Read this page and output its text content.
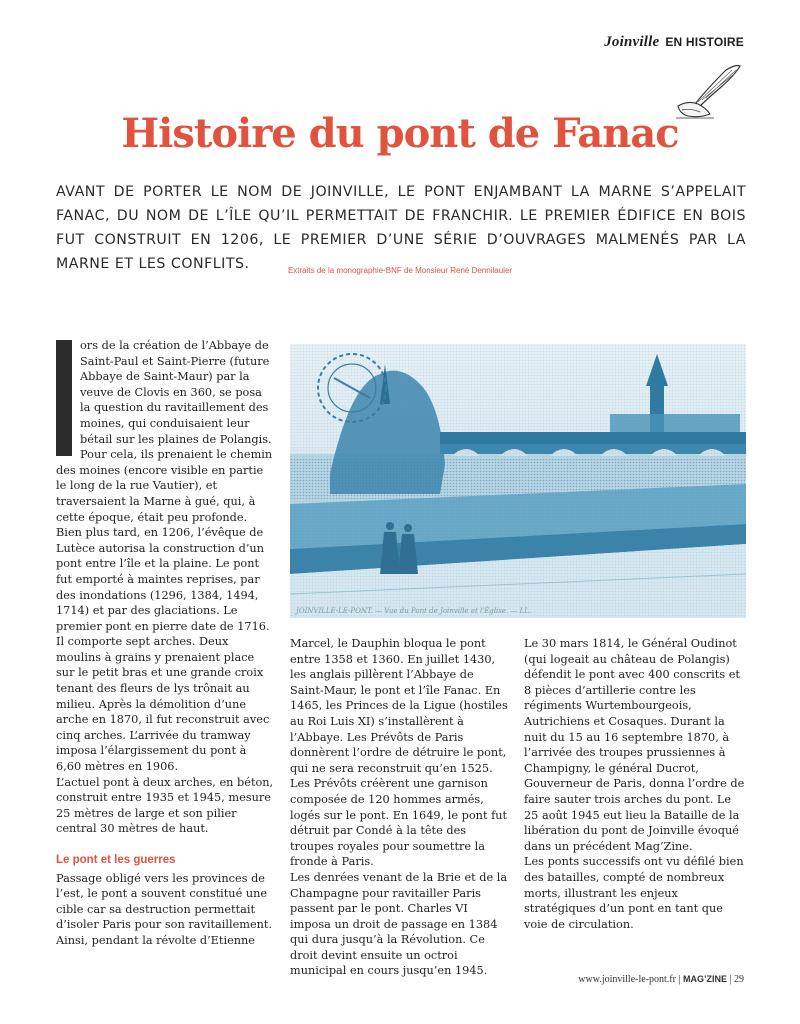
Joinville EN HISTOIRE
Histoire du pont de Fanac

AVANT DE PORTER LE NOM DE JOINVILLE, LE PONT ENJAMBANT LA MARNE S’APPELAIT FANAC, DU NOM DE L’ÎLE QU’IL PERMETTAIT DE FRANCHIR. LE PREMIER ÉDIFICE EN BOIS FUT CONSTRUIT EN 1206, LE PREMIER D’UNE SÉRIE D’OUVRAGES MALMENÉS PAR LA MARNE ET LES CONFLITS.	Extraits de la monographie-BNF de Monsieur René Dennilauler

ors de la création de l’Abbaye de Saint-Paul et Saint-Pierre (future Abbaye de Saint-Maur) par la veuve de Clovis en 360, se posa la question du ravitaillement des moines, qui conduisaient leur bétail sur les plaines de Polangis. Pour cela, ils prenaient le chemin des moines (encore visible en partie le long de la rue Vautier), et traversaient la Marne à gué, qui, à cette époque, était peu profonde.

Bien plus tard, en 1206, l’évêque de Lutèce autorisa la construction d’un pont entre l’île et la plaine. Le pont fut emporté à maintes reprises, par des inondations (1296, 1384, 1494, 1714) et par des glaciations. Le premier pont en pierre date de 1716. Il comporte sept arches. Deux moulins à grains y prenaient place sur le petit bras et une grande croix tenant des fleurs de lys trônait au milieu. Après la démolition d’une arche en 1870, il fut reconstruit avec cinq arches. L’arrivée du tramway imposa l’élargissement du pont à 6,60 mètres en 1906.

L’actuel pont à deux arches, en béton, construit entre 1935 et 1945, mesure 25 mètres de large et son pilier central 30 mètres de haut.

Le pont et les guerres

Passage obligé vers les provinces de l’est, le pont a souvent constitué une cible car sa destruction permettait d’isoler Paris pour son ravitaillement. Ainsi, pendant la révolte d’Etienne

JOINVILLE-LE-PONT. — Vue du Pont de Joinville et l'Église. — LL.

Marcel, le Dauphin bloqua le pont entre 1358 et 1360. En juillet 1430, les anglais pillèrent l’Abbaye de Saint-Maur, le pont et l’île Fanac. En 1465, les Princes de la Ligue (hostiles au Roi Luis XI) s’installèrent à l’Abbaye. Les Prévôts de Paris donnèrent l’ordre de détruire le pont, qui ne sera reconstruit qu’en 1525. Les Prévôts créèrent une garnison composée de 120 hommes armés, logés sur le pont. En 1649, le pont fut détruit par Condé à la tête des troupes royales pour soumettre la fronde à Paris.

Les denrées venant de la Brie et de la Champagne pour ravitailler Paris passent par le pont. Charles VI imposa un droit de passage en 1384 qui dura jusqu’à la Révolution. Ce droit devint ensuite un octroi municipal en cours jusqu’en 1945.

Le 30 mars 1814, le Général Oudinot (qui logeait au château de Polangis) défendit le pont avec 400 conscrits et 8 pièces d’artillerie contre les régiments Wurtembourgeois, Autrichiens et Cosaques. Durant la nuit du 15 au 16 septembre 1870, à l’arrivée des troupes prussiennes à Champigny, le général Ducrot, Gouverneur de Paris, donna l’ordre de faire sauter trois arches du pont. Le 25 août 1945 eut lieu la Bataille de la libération du pont de Joinville évoqué dans un précédent Mag’Zine.

Les ponts successifs ont vu défilé bien des batailles, compté de nombreux morts, illustrant les enjeux stratégiques d’un pont en tant que voie de circulation.

www.joinville-le-pont.fr | MAG’ZINE | 29
